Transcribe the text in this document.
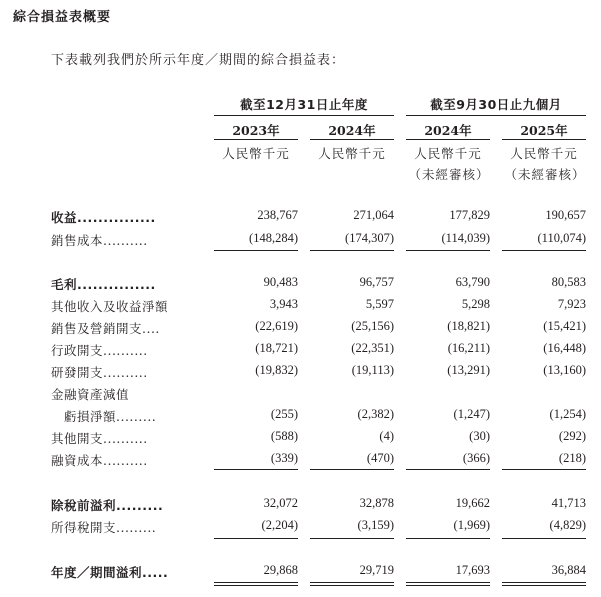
綜合損益表概要
下表載列我們於所示年度／期間的綜合損益表：
截至12月31日止年度	截至9月30日止九個月
2023年	2024年	2024年	2025年
人民幣千元	人民幣千元	人民幣千元	人民幣千元
（未經審核）	（未經審核）
收益...............	238,767	271,064	177,829	190,657
銷售成本..........	(148,284)	(174,307)	(114,039)	(110,074)
毛利...............	90,483	96,757	63,790	80,583
其他收入及收益淨額	3,943	5,597	5,298	7,923
銷售及營銷開支....	(22,619)	(25,156)	(18,821)	(15,421)
行政開支..........	(18,721)	(22,351)	(16,211)	(16,448)
研發開支..........	(19,832)	(19,113)	(13,291)	(13,160)
金融資產減值
虧損淨額.........	(255)	(2,382)	(1,247)	(1,254)
其他開支..........	(588)	(4)	(30)	(292)
融資成本..........	(339)	(470)	(366)	(218)
除稅前溢利.........	32,072	32,878	19,662	41,713
所得稅開支.........	(2,204)	(3,159)	(1,969)	(4,829)
年度／期間溢利.....	29,868	29,719	17,693	36,884
